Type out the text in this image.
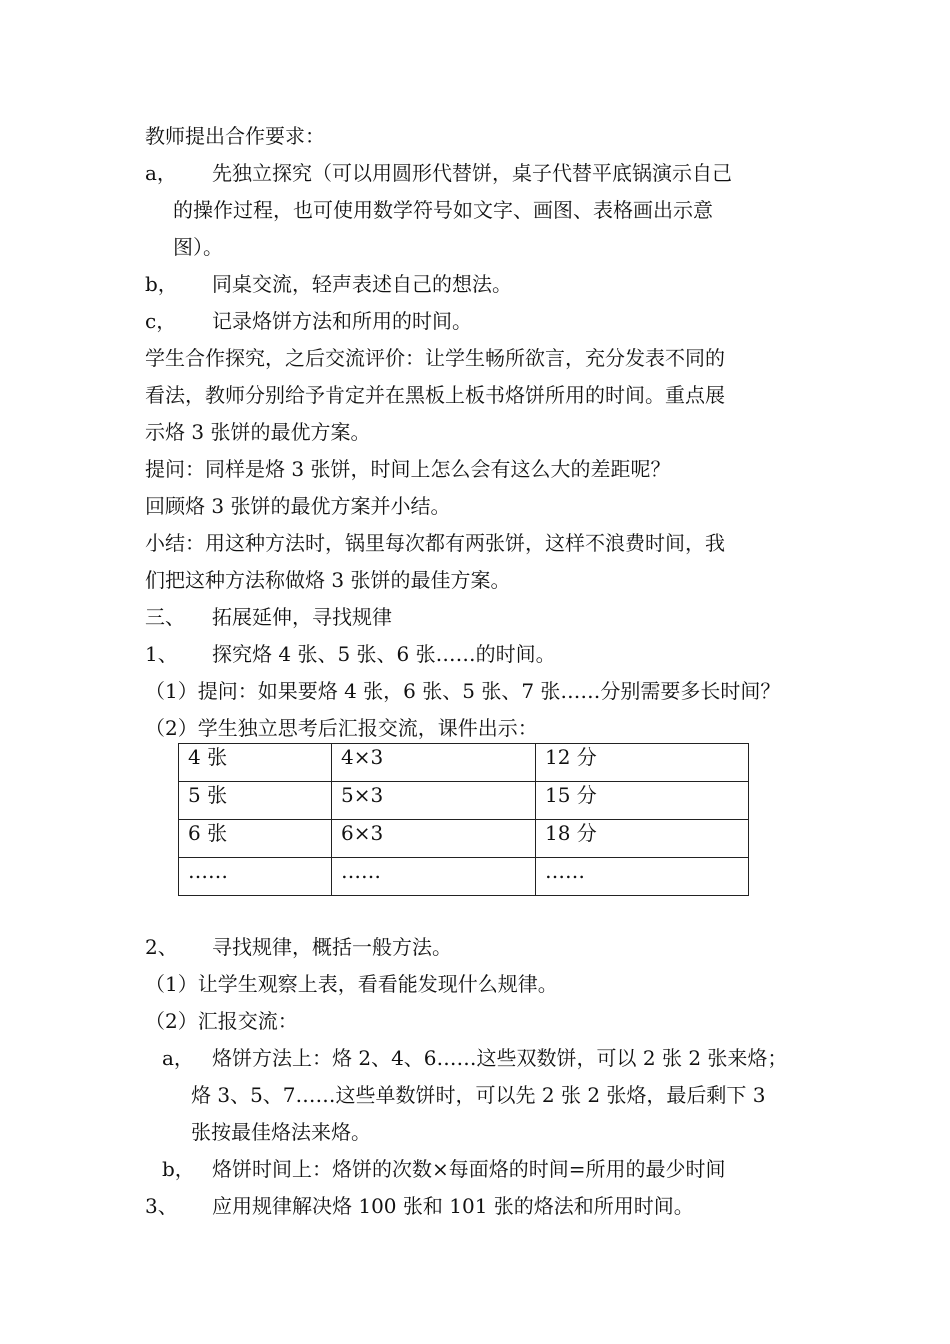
教师提出合作要求：
a， 先独立探究（可以用圆形代替饼，桌子代替平底锅演示自己
的操作过程，也可使用数学符号如文字、画图、表格画出示意
图）。
b， 同桌交流，轻声表述自己的想法。
c， 记录烙饼方法和所用的时间。
学生合作探究，之后交流评价：让学生畅所欲言，充分发表不同的
看法，教师分别给予肯定并在黑板上板书烙饼所用的时间。重点展
示烙 3 张饼的最优方案。
提问：同样是烙 3 张饼，时间上怎么会有这么大的差距呢？
回顾烙 3 张饼的最优方案并小结。
小结：用这种方法时，锅里每次都有两张饼，这样不浪费时间，我
们把这种方法称做烙 3 张饼的最佳方案。
三、 拓展延伸，寻找规律
1、 探究烙 4 张、5 张、6 张……的时间。
（1）提问：如果要烙 4 张，6 张、5 张、7 张……分别需要多长时间？
（2）学生独立思考后汇报交流，课件出示：
4 张	4×3	12 分
5 张	5×3	15 分
6 张	6×3	18 分
……	……	……
2、 寻找规律，概括一般方法。
（1）让学生观察上表，看看能发现什么规律。
（2）汇报交流：
a， 烙饼方法上：烙 2、4、6……这些双数饼，可以 2 张 2 张来烙；
烙 3、5、7……这些单数饼时，可以先 2 张 2 张烙，最后剩下 3
张按最佳烙法来烙。
b， 烙饼时间上：烙饼的次数×每面烙的时间=所用的最少时间
3、 应用规律解决烙 100 张和 101 张的烙法和所用时间。
